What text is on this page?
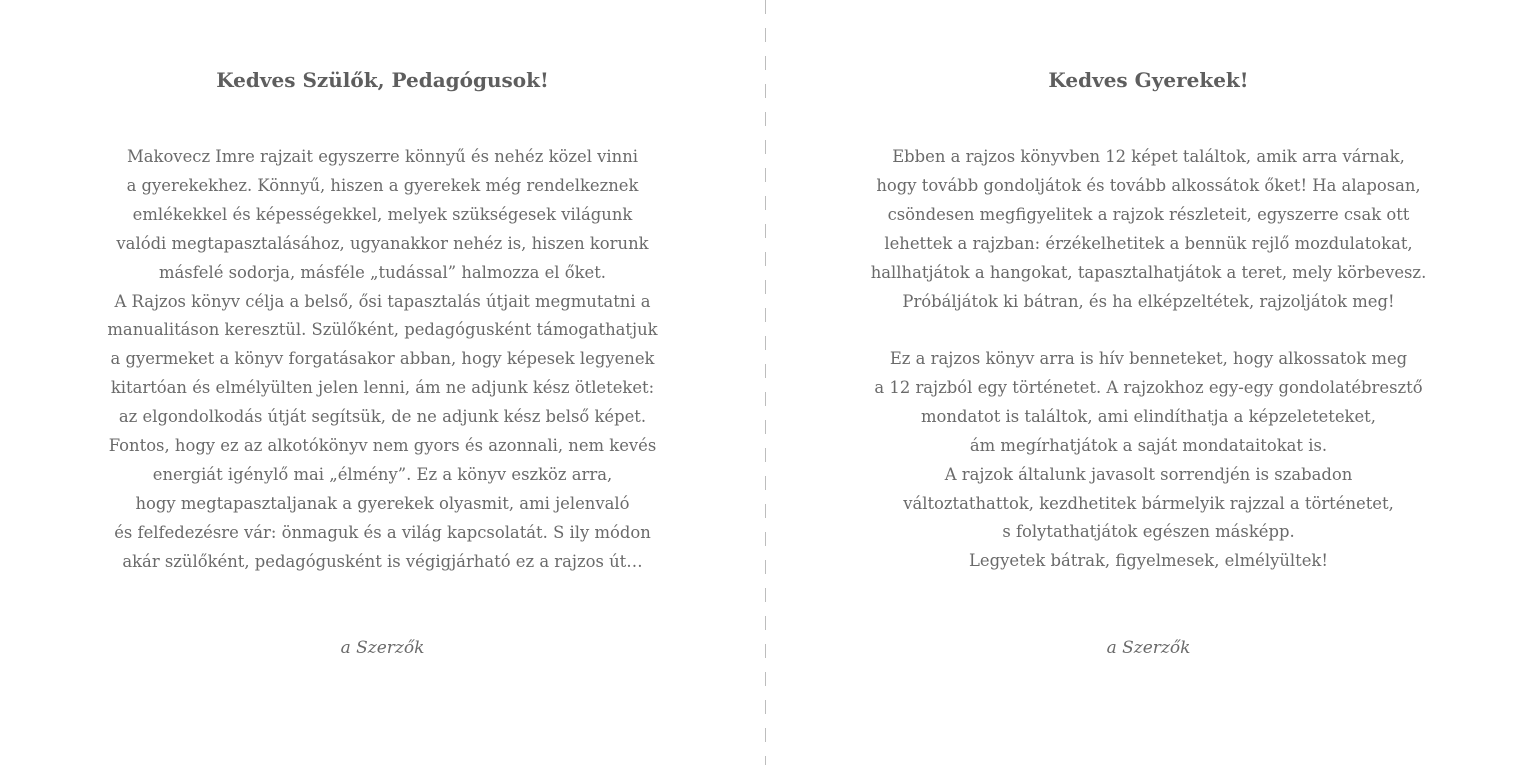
Kedves Szülők, Pedagógusok!
Makovecz Imre rajzait egyszerre könnyű és nehéz közel vinni
a gyerekekhez. Könnyű, hiszen a gyerekek még rendelkeznek
emlékekkel és képességekkel, melyek szükségesek világunk
valódi megtapasztalásához, ugyanakkor nehéz is, hiszen korunk
másfelé sodorja, másféle „tudással” halmozza el őket.
A Rajzos könyv célja a belső, ősi tapasztalás útjait megmutatni a
manualitáson keresztül. Szülőként, pedagógusként támogathatjuk
a gyermeket a könyv forgatásakor abban, hogy képesek legyenek
kitartóan és elmélyülten jelen lenni, ám ne adjunk kész ötleteket:
az elgondolkodás útját segítsük, de ne adjunk kész belső képet.
Fontos, hogy ez az alkotókönyv nem gyors és azonnali, nem kevés
energiát igénylő mai „élmény”. Ez a könyv eszköz arra,
hogy megtapasztaljanak a gyerekek olyasmit, ami jelenvaló
és felfedezésre vár: önmaguk és a világ kapcsolatát. S ily módon
akár szülőként, pedagógusként is végigjárható ez a rajzos út…
a Szerzők
Kedves Gyerekek!
Ebben a rajzos könyvben 12 képet találtok, amik arra várnak,
hogy tovább gondoljátok és tovább alkossátok őket! Ha alaposan,
csöndesen megfigyelitek a rajzok részleteit, egyszerre csak ott
lehettek a rajzban: érzékelhetitek a bennük rejlő mozdulatokat,
hallhatjátok a hangokat, tapasztalhatjátok a teret, mely körbevesz.
Próbáljátok ki bátran, és ha elképzeltétek, rajzoljátok meg!
Ez a rajzos könyv arra is hív benneteket, hogy alkossatok meg
a 12 rajzból egy történetet. A rajzokhoz egy-egy gondolatébresztő
mondatot is találtok, ami elindíthatja a képzeleteteket,
ám megírhatjátok a saját mondataitokat is.
A rajzok általunk javasolt sorrendjén is szabadon
változtathattok, kezdhetitek bármelyik rajzzal a történetet,
s folytathatjátok egészen másképp.
Legyetek bátrak, figyelmesek, elmélyültek!
a Szerzők
